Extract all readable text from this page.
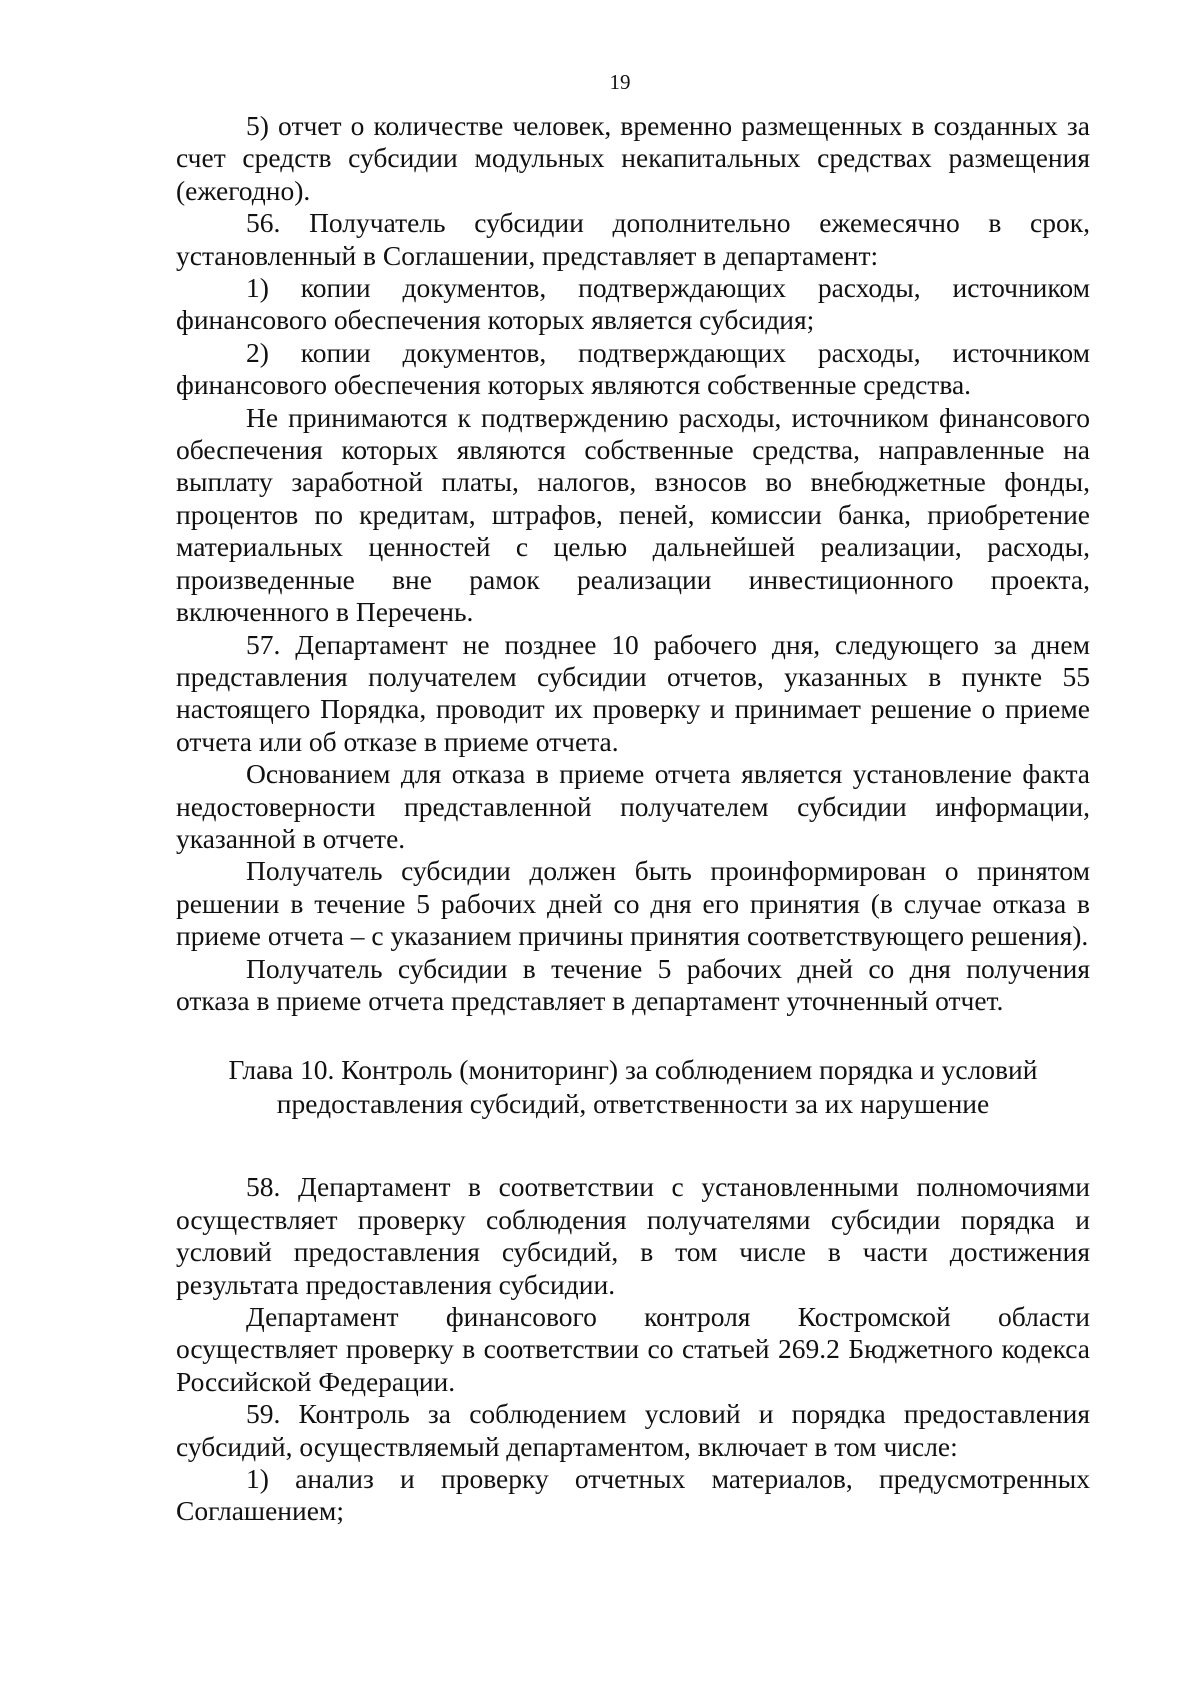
19

5) отчет о количестве человек, временно размещенных в созданных за счет средств субсидии модульных некапитальных средствах размещения (ежегодно).

56. Получатель субсидии дополнительно ежемесячно в срок, установленный в Соглашении, представляет в департамент:

1) копии документов, подтверждающих расходы, источником финансового обеспечения которых является субсидия;

2) копии документов, подтверждающих расходы, источником финансового обеспечения которых являются собственные средства.

Не принимаются к подтверждению расходы, источником финансового обеспечения которых являются собственные средства, направленные на выплату заработной платы, налогов, взносов во внебюджетные фонды, процентов по кредитам, штрафов, пеней, комиссии банка, приобретение материальных ценностей с целью дальнейшей реализации, расходы, произведенные вне рамок реализации инвестиционного проекта, включенного в Перечень.

57. Департамент не позднее 10 рабочего дня, следующего за днем представления получателем субсидии отчетов, указанных в пункте 55 настоящего Порядка, проводит их проверку и принимает решение о приеме отчета или об отказе в приеме отчета.

Основанием для отказа в приеме отчета является установление факта недостоверности представленной получателем субсидии информации, указанной в отчете.

Получатель субсидии должен быть проинформирован о принятом решении в течение 5 рабочих дней со дня его принятия (в случае отказа в приеме отчета – с указанием причины принятия соответствующего решения).

Получатель субсидии в течение 5 рабочих дней со дня получения отказа в приеме отчета представляет в департамент уточненный отчет.

Глава 10. Контроль (мониторинг) за соблюдением порядка и условий

предоставления субсидий, ответственности за их нарушение

58. Департамент в соответствии с установленными полномочиями осуществляет проверку соблюдения получателями субсидии порядка и условий предоставления субсидий, в том числе в части достижения результата предоставления субсидии.

Департамент финансового контроля Костромской области осуществляет проверку в соответствии со статьей 269.2 Бюджетного кодекса Российской Федерации.

59. Контроль за соблюдением условий и порядка предоставления субсидий, осуществляемый департаментом, включает в том числе:

1) анализ и проверку отчетных материалов, предусмотренных Соглашением;
